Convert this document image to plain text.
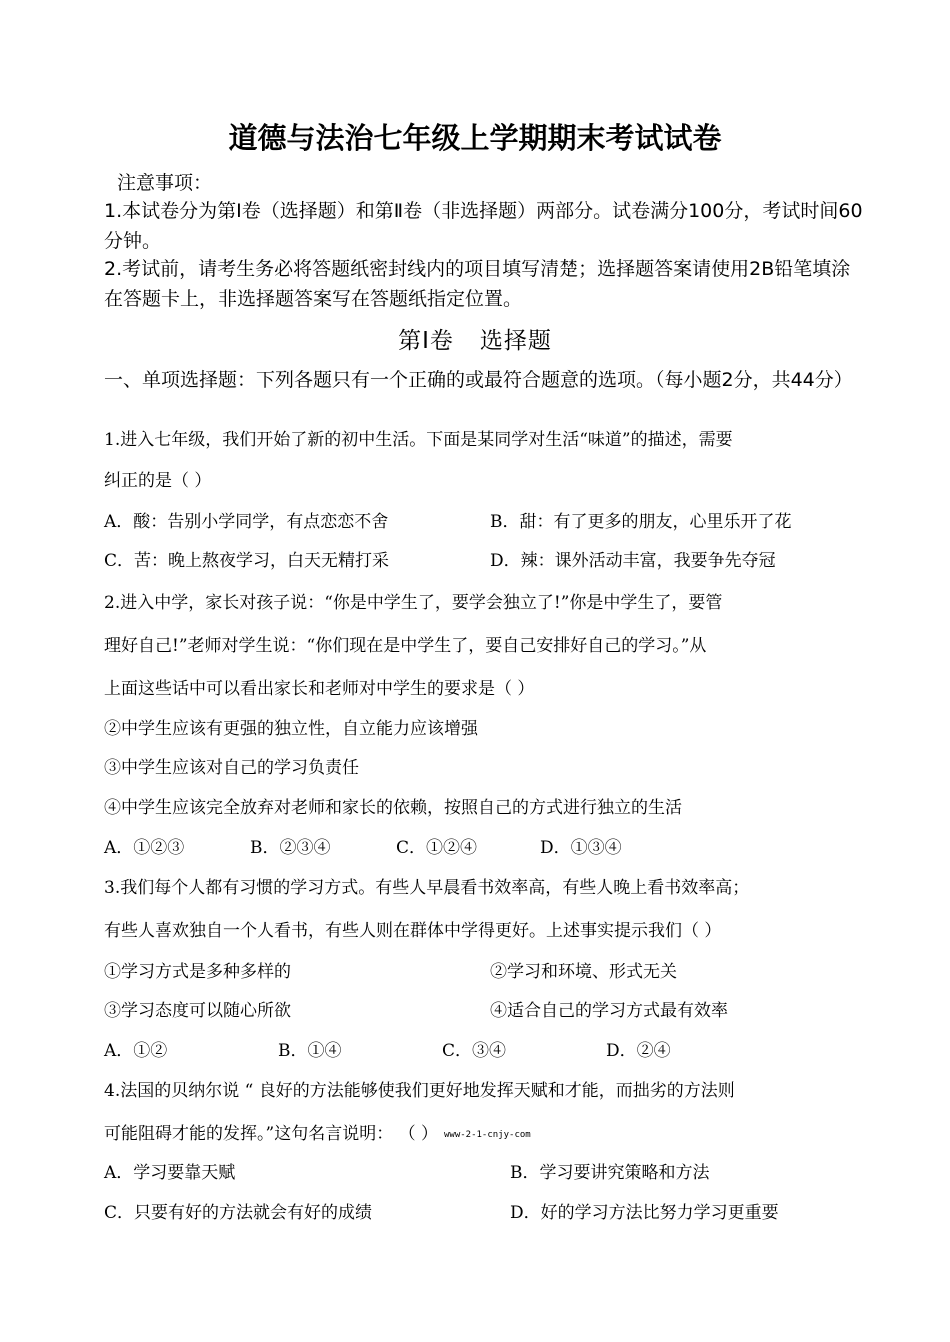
道德与法治七年级上学期期末考试试卷
注意事项：
1.本试卷分为第Ⅰ卷（选择题）和第Ⅱ卷（非选择题）两部分。试卷满分100分，考试时间60分钟。
2.考试前，请考生务必将答题纸密封线内的项目填写清楚；选择题答案请使用2B铅笔填涂在答题卡上，非选择题答案写在答题纸指定位置。
第Ⅰ卷 选择题
一、单项选择题：下列各题只有一个正确的或最符合题意的选项。（每小题2分，共44分）
1.进入七年级，我们开始了新的初中生活。下面是某同学对生活“味道”的描述，需要
纠正的是（ ）
A．酸：告别小学同学，有点恋恋不舍	B．甜：有了更多的朋友，心里乐开了花
C．苦：晚上熬夜学习，白天无精打采	D．辣：课外活动丰富，我要争先夺冠
2.进入中学，家长对孩子说：“你是中学生了，要学会独立了!”你是中学生了，要管
理好自己!”老师对学生说：“你们现在是中学生了，要自己安排好自己的学习。”从
上面这些话中可以看出家长和老师对中学生的要求是（ ）
②中学生应该有更强的独立性，自立能力应该增强
③中学生应该对自己的学习负责任
④中学生应该完全放弃对老师和家长的依赖，按照自己的方式进行独立的生活
A．①②③	B．②③④	C．①②④	D．①③④
3.我们每个人都有习惯的学习方式。有些人早晨看书效率高，有些人晚上看书效率高；
有些人喜欢独自一个人看书，有些人则在群体中学得更好。上述事实提示我们（ ）
①学习方式是多种多样的	②学习和环境、形式无关
③学习态度可以随心所欲	④适合自己的学习方式最有效率
A．①②	B．①④	C．③④	D．②④
4.法国的贝纳尔说 “ 良好的方法能够使我们更好地发挥天赋和才能，而拙劣的方法则
可能阻碍才能的发挥。”这句名言说明： （ ） www-2-1-cnjy-com
A．学习要靠天赋	B．学习要讲究策略和方法
C．只要有好的方法就会有好的成绩	D．好的学习方法比努力学习更重要
